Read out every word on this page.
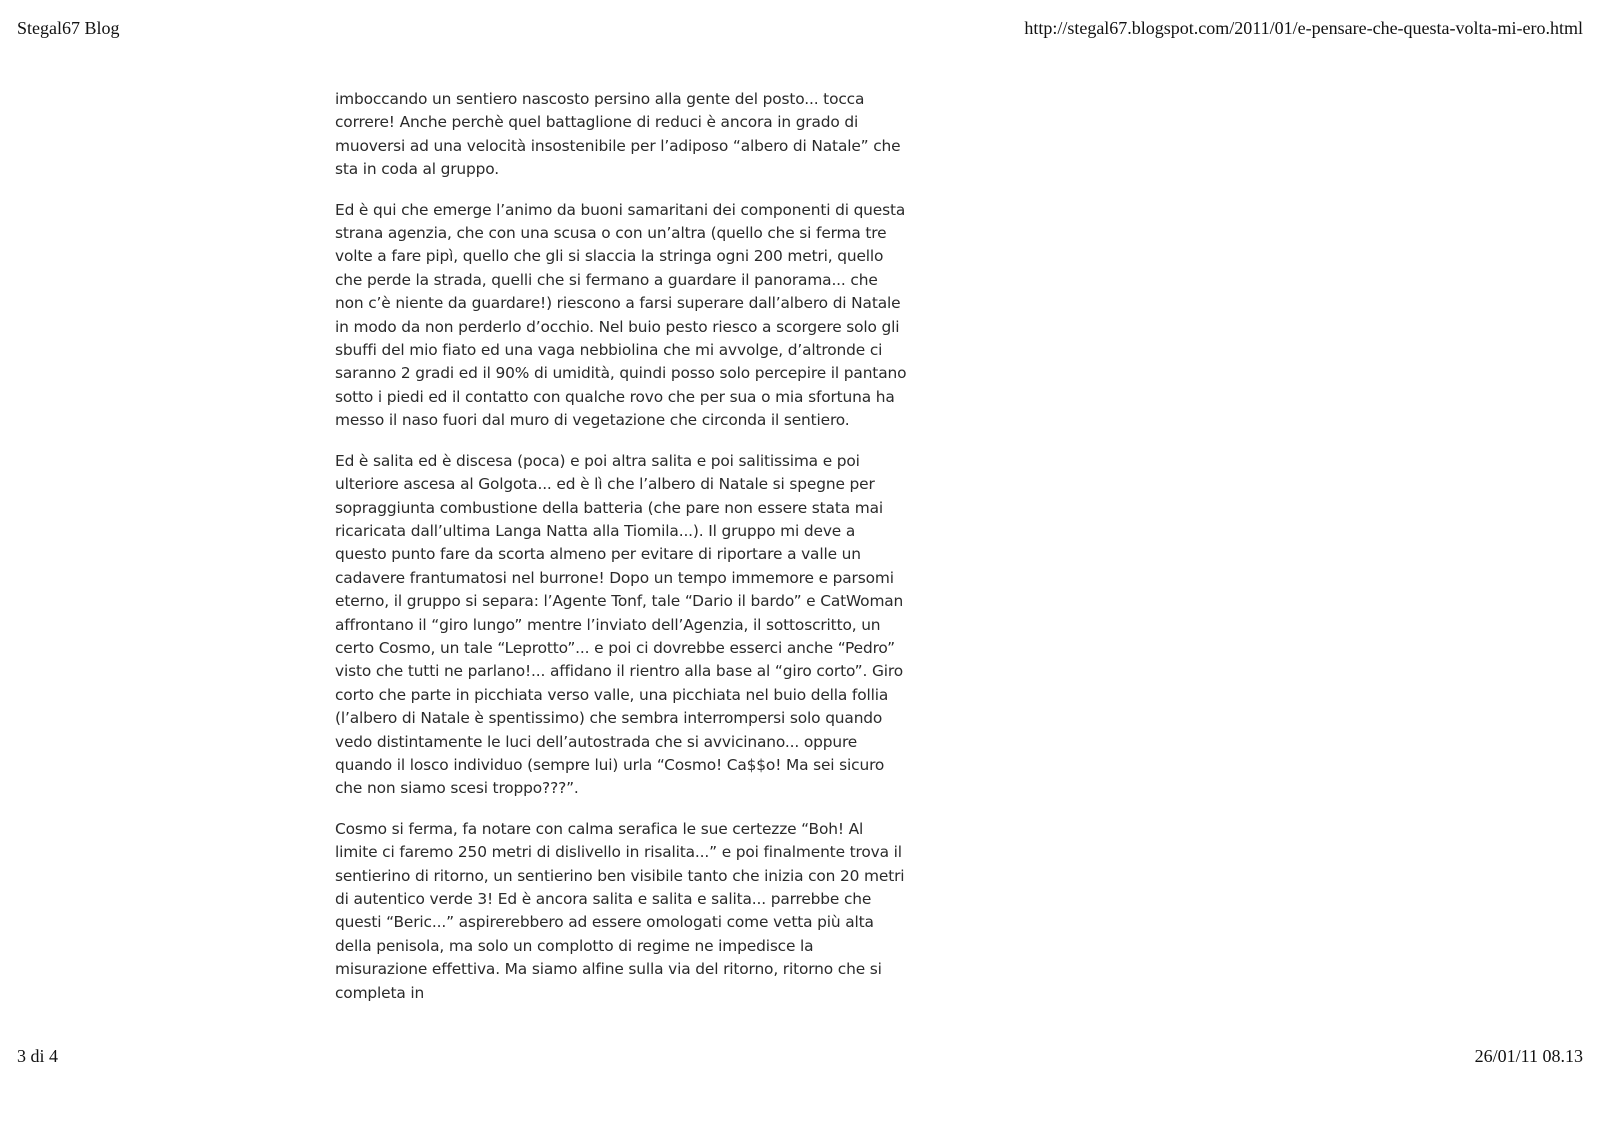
Stegal67 Blog	http://stegal67.blogspot.com/2011/01/e-pensare-che-questa-volta-mi-ero.html

imboccando un sentiero nascosto persino alla gente del posto... tocca correre! Anche perchè quel battaglione di reduci è ancora in grado di muoversi ad una velocità insostenibile per l’adiposo “albero di Natale” che sta in coda al gruppo.

Ed è qui che emerge l’animo da buoni samaritani dei componenti di questa strana agenzia, che con una scusa o con un’altra (quello che si ferma tre volte a fare pipì, quello che gli si slaccia la stringa ogni 200 metri, quello che perde la strada, quelli che si fermano a guardare il panorama... che non c’è niente da guardare!) riescono a farsi superare dall’albero di Natale in modo da non perderlo d’occhio. Nel buio pesto riesco a scorgere solo gli sbuffi del mio fiato ed una vaga nebbiolina che mi avvolge, d’altronde ci saranno 2 gradi ed il 90% di umidità, quindi posso solo percepire il pantano sotto i piedi ed il contatto con qualche rovo che per sua o mia sfortuna ha messo il naso fuori dal muro di vegetazione che circonda il sentiero.

Ed è salita ed è discesa (poca) e poi altra salita e poi salitissima e poi ulteriore ascesa al Golgota... ed è lì che l’albero di Natale si spegne per sopraggiunta combustione della batteria (che pare non essere stata mai ricaricata dall’ultima Langa Natta alla Tiomila...). Il gruppo mi deve a questo punto fare da scorta almeno per evitare di riportare a valle un cadavere frantumatosi nel burrone! Dopo un tempo immemore e parsomi eterno, il gruppo si separa: l’Agente Tonf, tale “Dario il bardo” e CatWoman affrontano il “giro lungo” mentre l’inviato dell’Agenzia, il sottoscritto, un certo Cosmo, un tale “Leprotto”... e poi ci dovrebbe esserci anche “Pedro” visto che tutti ne parlano!... affidano il rientro alla base al “giro corto”. Giro corto che parte in picchiata verso valle, una picchiata nel buio della follia (l’albero di Natale è spentissimo) che sembra interrompersi solo quando vedo distintamente le luci dell’autostrada che si avvicinano... oppure quando il losco individuo (sempre lui) urla “Cosmo! Ca$$o! Ma sei sicuro che non siamo scesi troppo???”.

Cosmo si ferma, fa notare con calma serafica le sue certezze “Boh! Al limite ci faremo 250 metri di dislivello in risalita...” e poi finalmente trova il sentierino di ritorno, un sentierino ben visibile tanto che inizia con 20 metri di autentico verde 3! Ed è ancora salita e salita e salita... parrebbe che questi “Beric...” aspirerebbero ad essere omologati come vetta più alta della penisola, ma solo un complotto di regime ne impedisce la misurazione effettiva. Ma siamo alfine sulla via del ritorno, ritorno che si completa in

3 di 4	26/01/11 08.13
